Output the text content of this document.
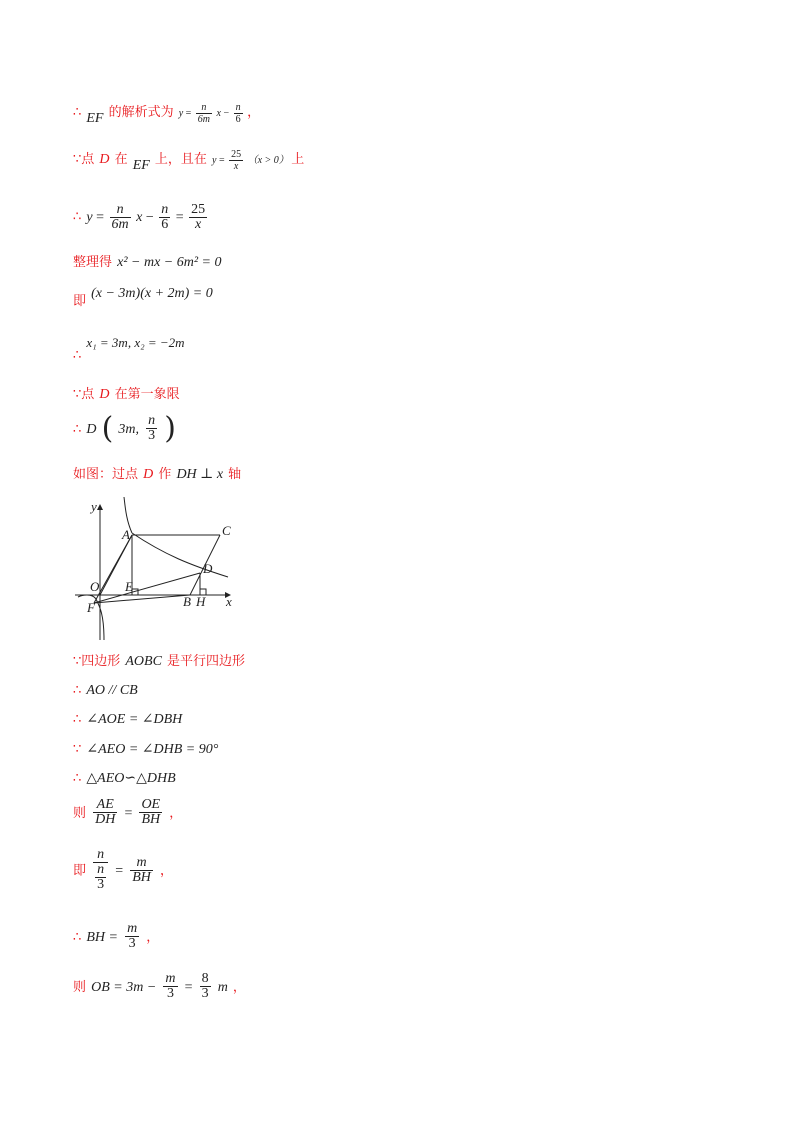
∴ EF 的解析式为 $y = \frac{n}{6m}$ $x - \frac{n}{6}$ ，
∵点 D 在 EF 上，且在 $y = \frac{25}{x} (x > 0)$ 上
∴ $y = \frac{n}{6m}$ $x - \frac{n}{6} = \frac{25}{x}$
整理得 x² − mx − 6m² = 0
$_即$ (x − 3m)(x + 2m) = 0
$_\therefore$ x₁ = 3m, x₂ = −2m
∵点 D 在第一象限
∴ D ( 3m, $\frac{n}{3}$ )
如图：过点 D 作 DH ⊥ x 轴
y
x
O
A	C
D
E
F	B H
∵四边形 AOBC 是平行四边形
∴ AO // CB
∴ ∠AOE = ∠DBH
∵ ∠AEO = ∠DHB = 90°
∴ △AEO∽△DHB
则 $\frac{AE}{DH} = \frac{OE}{BH}$ ，
即 $\frac{n}{\frac{n}{3}} = \frac{m}{BH}$ ，
∴ BH = $\frac{m}{3}$ ，
则 OB = $3m - \frac{m}{3} = \frac{8}{3}$ m ，
